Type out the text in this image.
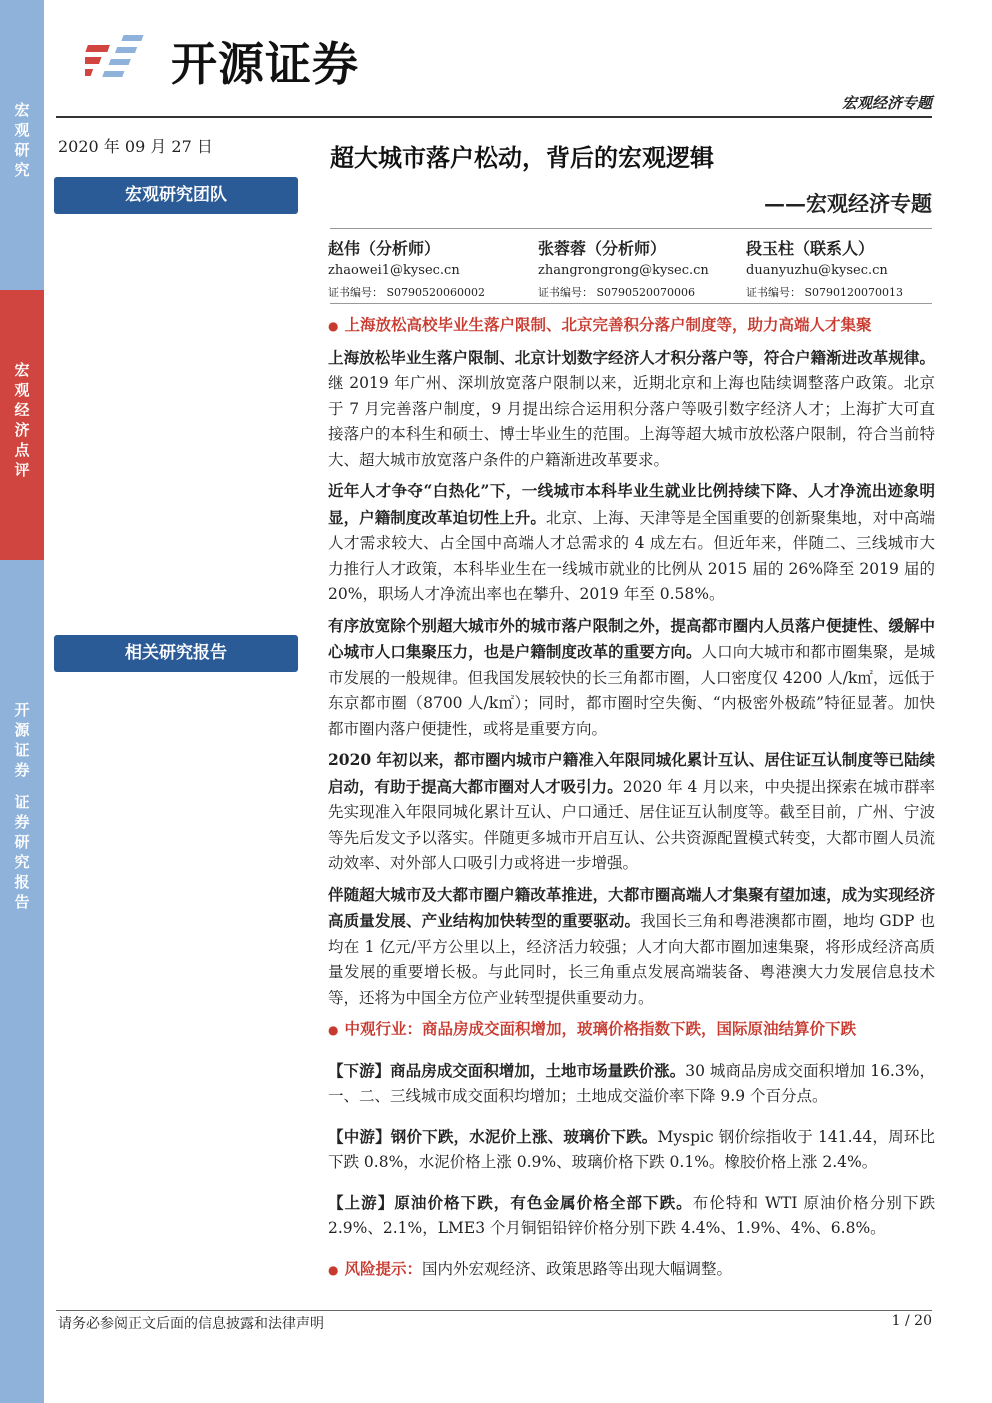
宏观研究
宏观经济点评
开源证券
证券研究报告
开源证券
宏观经济专题
2020 年 09 月 27 日	超大城市落户松动，背后的宏观逻辑
——宏观经济专题
宏观研究团队
相关研究报告
赵伟（分析师）
zhaowei1@kysec.cn
证书编号： S0790520060002
张蓉蓉（分析师）
zhangrongrong@kysec.cn
证书编号： S0790520070006
段玉柱（联系人）
duanyuzhu@kysec.cn
证书编号： S0790120070013

● 上海放松高校毕业生落户限制、北京完善积分落户制度等，助力高端人才集聚

上海放松毕业生落户限制、北京计划数字经济人才积分落户等，符合户籍渐进改革规律。继 2019 年广州、深圳放宽落户限制以来，近期北京和上海也陆续调整落户政策。北京于 7 月完善落户制度，9 月提出综合运用积分落户等吸引数字经济人才；上海扩大可直接落户的本科生和硕士、博士毕业生的范围。上海等超大城市放松落户限制，符合当前特大、超大城市放宽落户条件的户籍渐进改革要求。

近年人才争夺“白热化”下，一线城市本科毕业生就业比例持续下降、人才净流出迹象明显，户籍制度改革迫切性上升。北京、上海、天津等是全国重要的创新聚集地，对中高端人才需求较大、占全国中高端人才总需求的 4 成左右。但近年来，伴随二、三线城市大力推行人才政策，本科毕业生在一线城市就业的比例从 2015 届的 26%降至 2019 届的 20%，职场人才净流出率也在攀升、2019 年至 0.58%。

有序放宽除个别超大城市外的城市落户限制之外，提高都市圈内人员落户便捷性、缓解中心城市人口集聚压力，也是户籍制度改革的重要方向。人口向大城市和都市圈集聚，是城市发展的一般规律。但我国发展较快的长三角都市圈，人口密度仅 4200 人/k㎡，远低于东京都市圈（8700 人/k㎡）；同时，都市圈时空失衡、“内极密外极疏”特征显著。加快都市圈内落户便捷性，或将是重要方向。

2020 年初以来，都市圈内城市户籍准入年限同城化累计互认、居住证互认制度等已陆续启动，有助于提高大都市圈对人才吸引力。2020 年 4 月以来，中央提出探索在城市群率先实现准入年限同城化累计互认、户口通迁、居住证互认制度等。截至目前，广州、宁波等先后发文予以落实。伴随更多城市开启互认、公共资源配置模式转变，大都市圈人员流动效率、对外部人口吸引力或将进一步增强。

伴随超大城市及大都市圈户籍改革推进，大都市圈高端人才集聚有望加速，成为实现经济高质量发展、产业结构加快转型的重要驱动。我国长三角和粤港澳都市圈，地均 GDP 也均在 1 亿元/平方公里以上，经济活力较强；人才向大都市圈加速集聚，将形成经济高质量发展的重要增长极。与此同时，长三角重点发展高端装备、粤港澳大力发展信息技术等，还将为中国全方位产业转型提供重要动力。

● 中观行业：商品房成交面积增加，玻璃价格指数下跌，国际原油结算价下跌

【下游】商品房成交面积增加，土地市场量跌价涨。30 城商品房成交面积增加 16.3%，一、二、三线城市成交面积均增加；土地成交溢价率下降 9.9 个百分点。

【中游】钢价下跌，水泥价上涨、玻璃价下跌。Myspic 钢价综指收于 141.44，周环比下跌 0.8%，水泥价格上涨 0.9%、玻璃价格下跌 0.1%。橡胶价格上涨 2.4%。

【上游】原油价格下跌，有色金属价格全部下跌。布伦特和 WTI 原油价格分别下跌 2.9%、2.1%，LME3 个月铜铝铅锌价格分别下跌 4.4%、1.9%、4%、6.8%。

● 风险提示：国内外宏观经济、政策思路等出现大幅调整。

请务必参阅正文后面的信息披露和法律声明	1 / 20
